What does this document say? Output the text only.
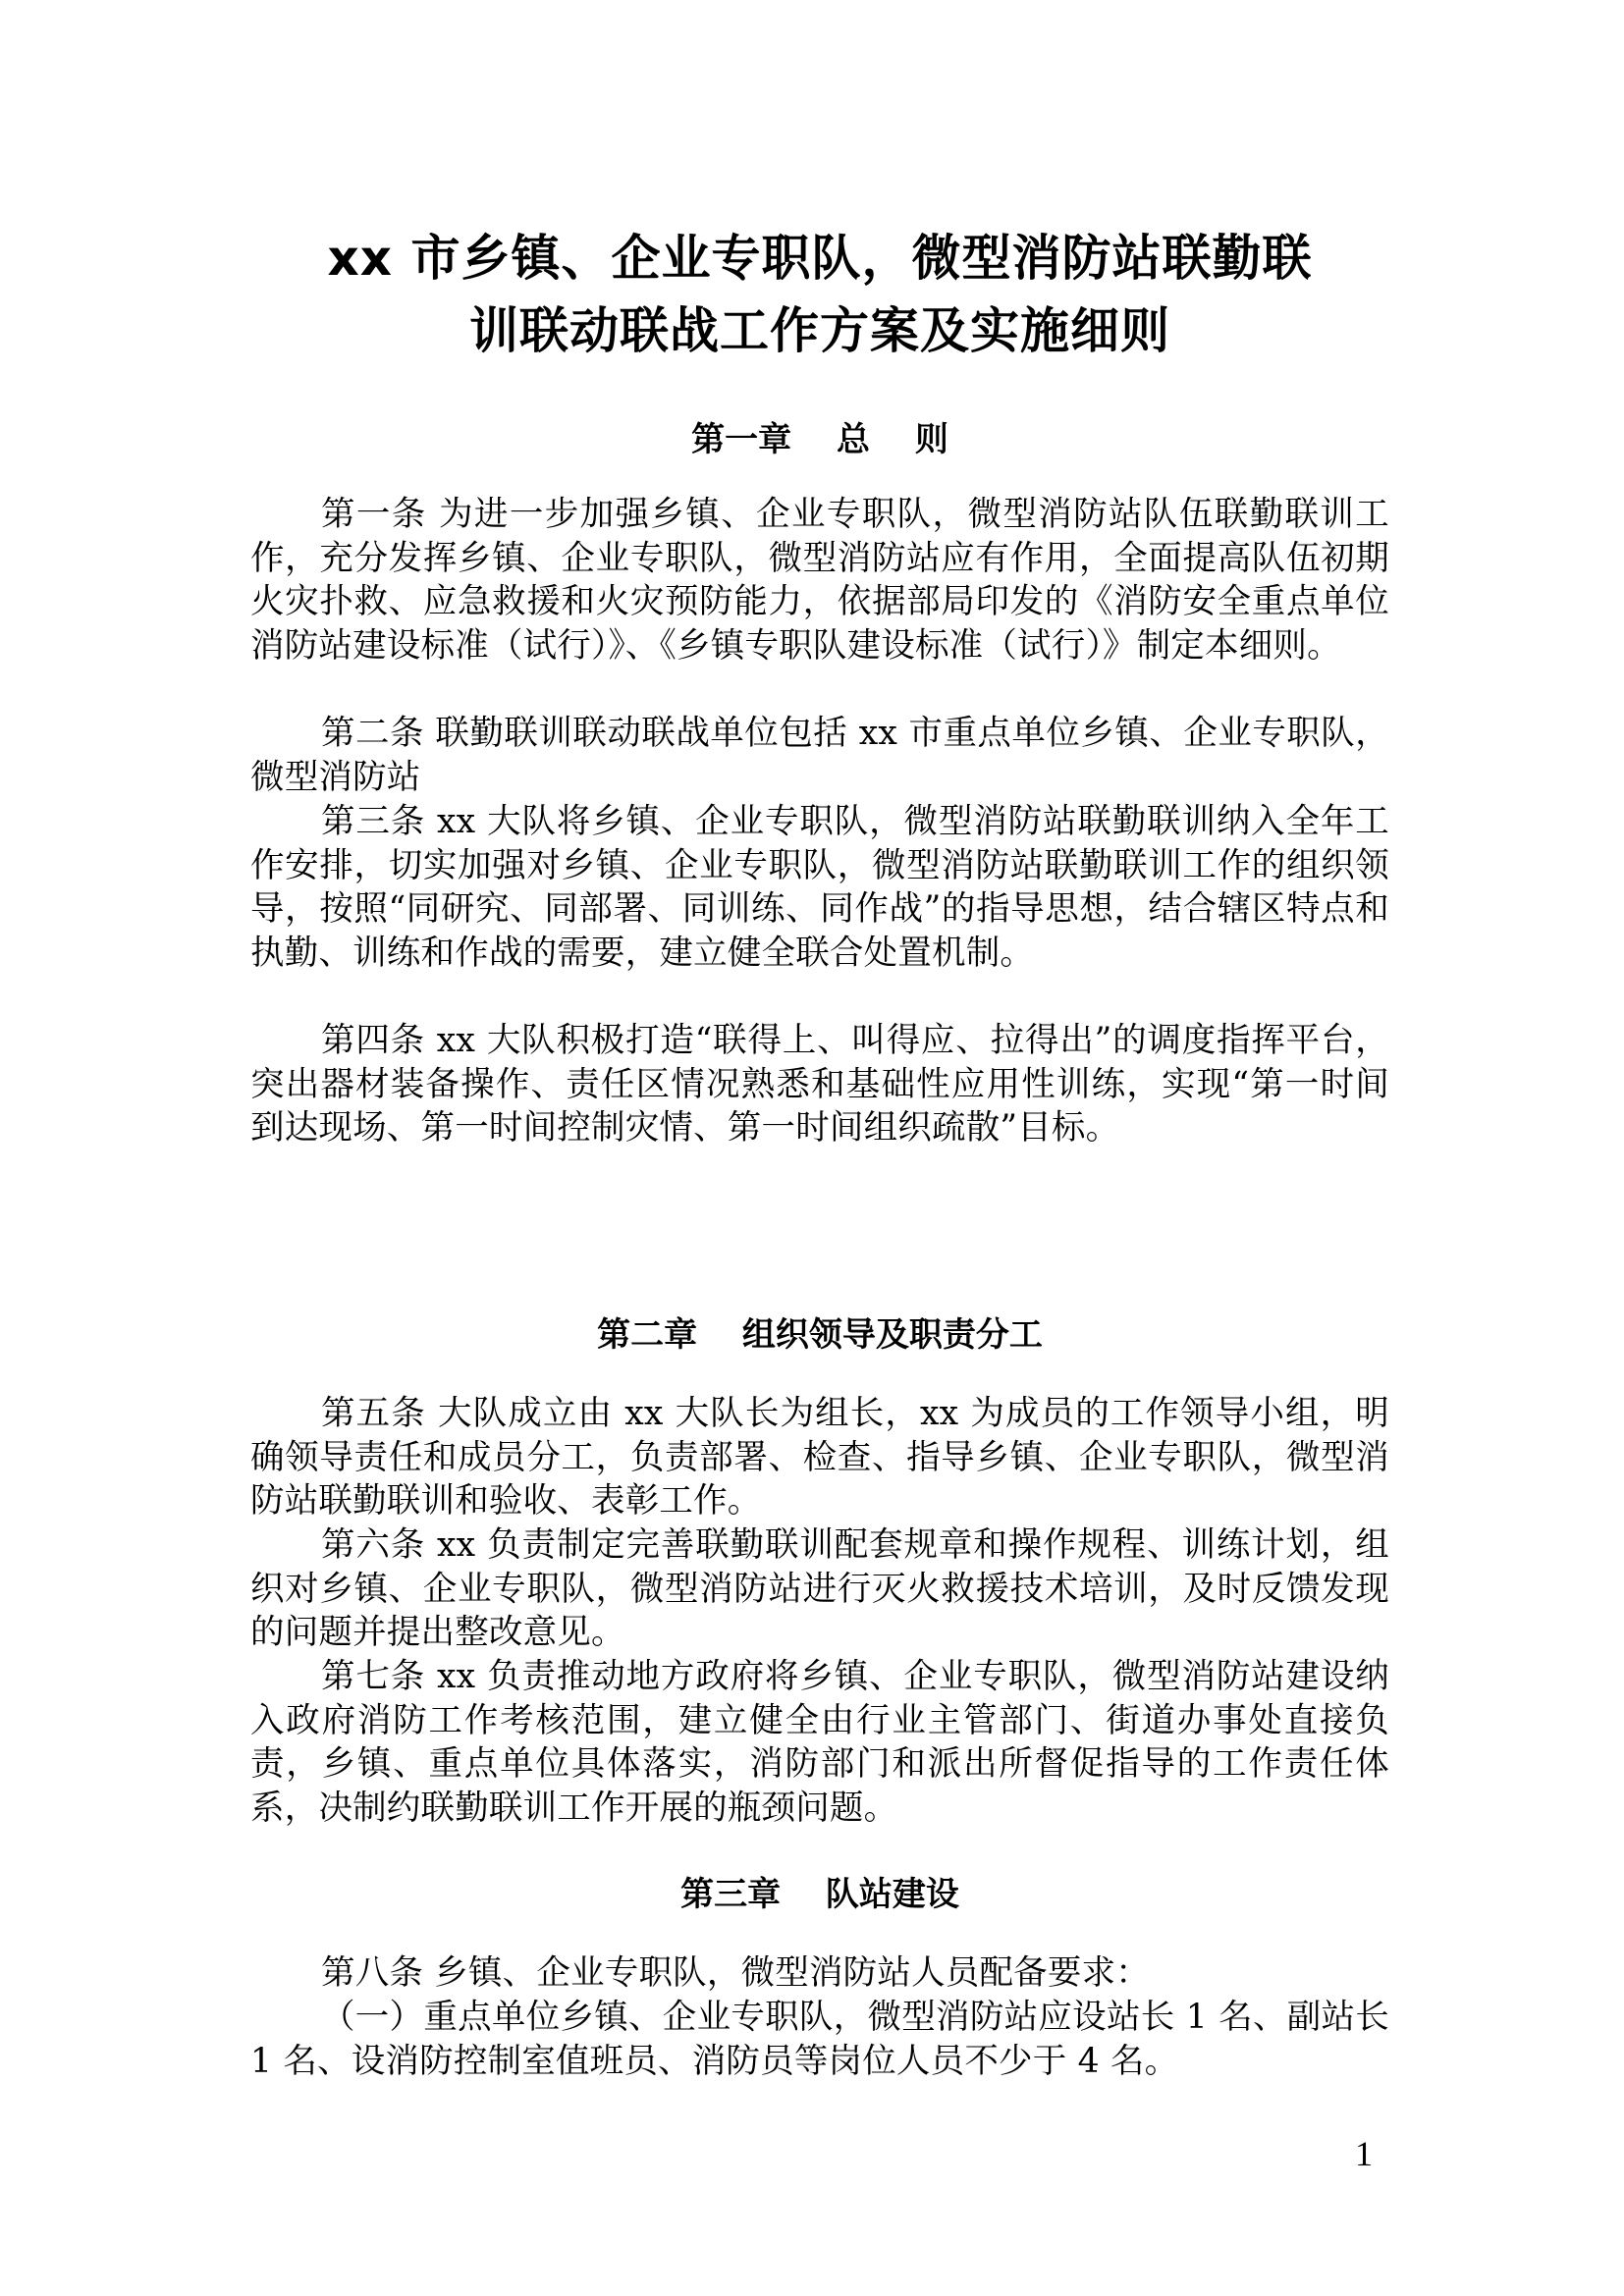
xx 市乡镇、企业专职队，微型消防站联勤联
训联动联战工作方案及实施细则
第一章　 总　 则

第一条 为进一步加强乡镇、企业专职队，微型消防站队伍联勤联训工作，充分发挥乡镇、企业专职队，微型消防站应有作用，全面提高队伍初期火灾扑救、应急救援和火灾预防能力，依据部局印发的《消防安全重点单位消防站建设标准（试行）》、《乡镇专职队建设标准（试行）》制定本细则。

第二条 联勤联训联动联战单位包括 xx 市重点单位乡镇、企业专职队，微型消防站

第三条 xx 大队将乡镇、企业专职队，微型消防站联勤联训纳入全年工作安排，切实加强对乡镇、企业专职队，微型消防站联勤联训工作的组织领导，按照“同研究、同部署、同训练、同作战”的指导思想，结合辖区特点和执勤、训练和作战的需要，建立健全联合处置机制。

第四条 xx 大队积极打造“联得上、叫得应、拉得出”的调度指挥平台，突出器材装备操作、责任区情况熟悉和基础性应用性训练，实现“第一时间到达现场、第一时间控制灾情、第一时间组织疏散”目标。

第二章　 组织领导及职责分工

第五条 大队成立由 xx 大队长为组长，xx 为成员的工作领导小组，明确领导责任和成员分工，负责部署、检查、指导乡镇、企业专职队，微型消防站联勤联训和验收、表彰工作。

第六条 xx 负责制定完善联勤联训配套规章和操作规程、训练计划，组织对乡镇、企业专职队，微型消防站进行灭火救援技术培训，及时反馈发现的问题并提出整改意见。

第七条 xx 负责推动地方政府将乡镇、企业专职队，微型消防站建设纳入政府消防工作考核范围，建立健全由行业主管部门、街道办事处直接负责，乡镇、重点单位具体落实，消防部门和派出所督促指导的工作责任体系，决制约联勤联训工作开展的瓶颈问题。

第三章　 队站建设

第八条 乡镇、企业专职队，微型消防站人员配备要求：

（一）重点单位乡镇、企业专职队，微型消防站应设站长 1 名、副站长 1 名、设消防控制室值班员、消防员等岗位人员不少于 4 名。

1
